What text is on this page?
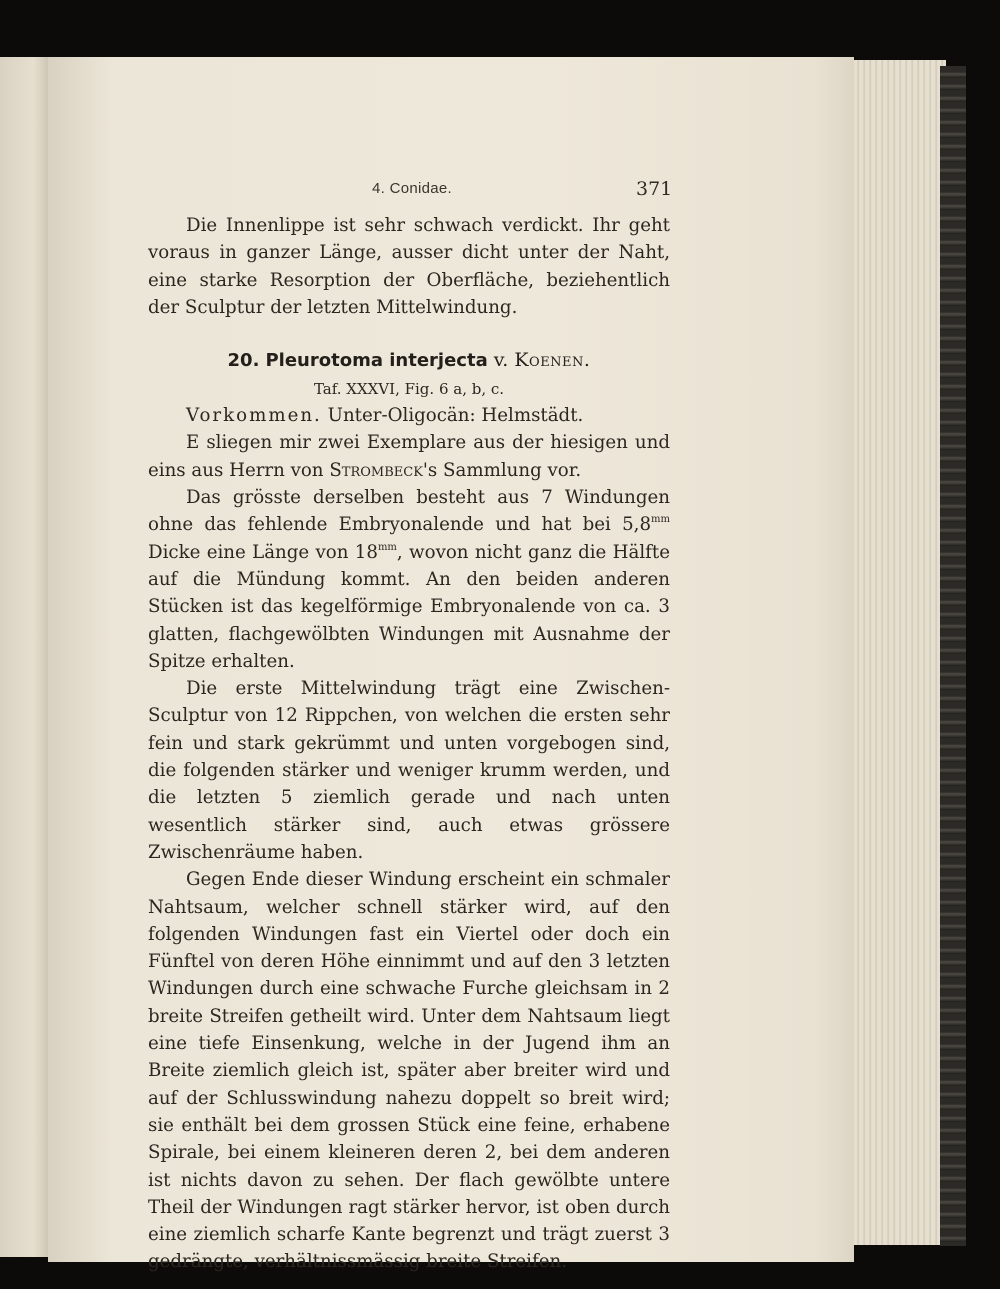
4. Conidae.	371

Die Innenlippe ist sehr schwach verdickt. Ihr geht voraus in ganzer Länge, ausser dicht unter der Naht, eine starke Resorption der Oberfläche, beziehentlich der Sculptur der letzten Mittelwindung.

20. Pleurotoma interjecta v. Koenen.

Taf. XXXVI, Fig. 6 a, b, c.

Vorkommen. Unter-Oligocän: Helmstädt.

E sliegen mir zwei Exemplare aus der hiesigen und eins aus Herrn von Strombeck's Sammlung vor.

Das grösste derselben besteht aus 7 Windungen ohne das fehlende Embryonalende und hat bei $5,8^{mm}$ Dicke eine Länge von $18^{mm}$, wovon nicht ganz die Hälfte auf die Mündung kommt. An den beiden anderen Stücken ist das kegelförmige Embryonalende von ca. 3 glatten, flachgewölbten Windungen mit Ausnahme der Spitze erhalten.

Die erste Mittelwindung trägt eine Zwischen-Sculptur von 12 Rippchen, von welchen die ersten sehr fein und stark gekrümmt und unten vorgebogen sind, die folgenden stärker und weniger krumm werden, und die letzten 5 ziemlich gerade und nach unten wesentlich stärker sind, auch etwas grössere Zwischenräume haben.

Gegen Ende dieser Windung erscheint ein schmaler Nahtsaum, welcher schnell stärker wird, auf den folgenden Windungen fast ein Viertel oder doch ein Fünftel von deren Höhe einnimmt und auf den 3 letzten Windungen durch eine schwache Furche gleichsam in 2 breite Streifen getheilt wird. Unter dem Nahtsaum liegt eine tiefe Einsenkung, welche in der Jugend ihm an Breite ziemlich gleich ist, später aber breiter wird und auf der Schlusswindung nahezu doppelt so breit wird; sie enthält bei dem grossen Stück eine feine, erhabene Spirale, bei einem kleineren deren 2, bei dem anderen ist nichts davon zu sehen. Der flach gewölbte untere Theil der Windungen ragt stärker hervor, ist oben durch eine ziemlich scharfe Kante begrenzt und trägt zuerst 3 gedrängte, verhältnissmässig breite Streifen.
